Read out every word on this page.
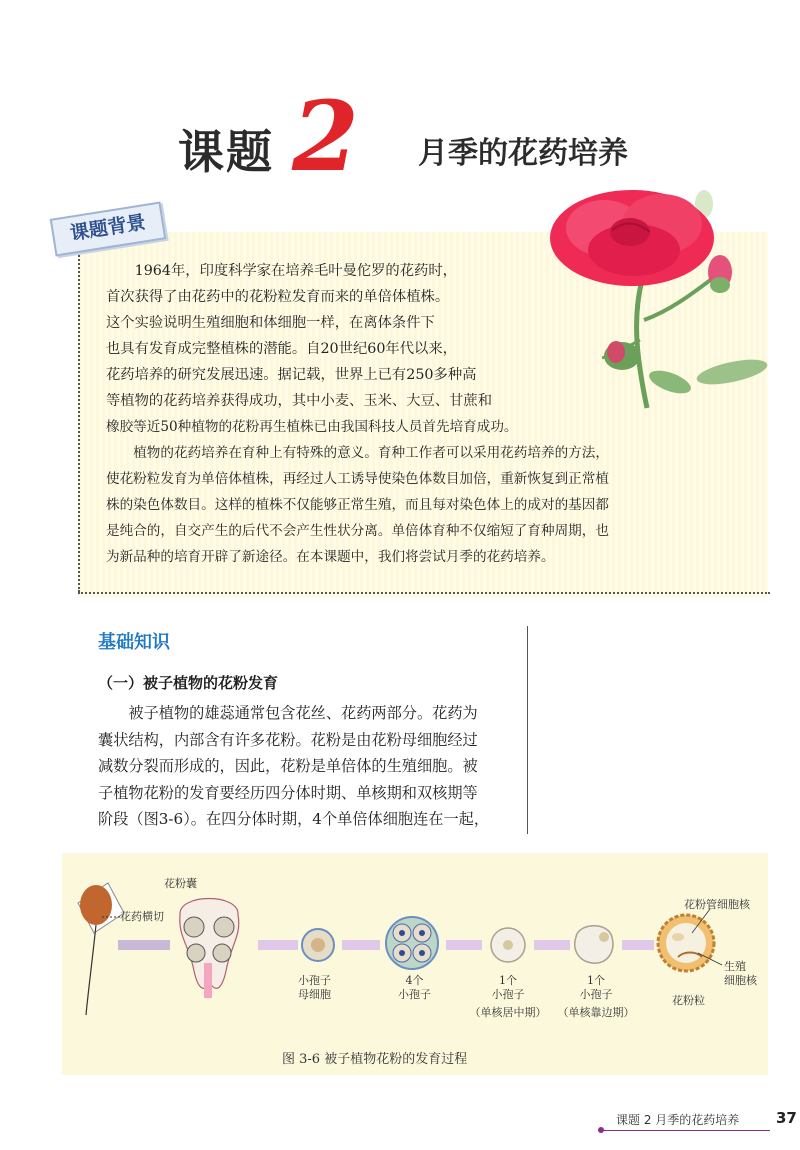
课题 2 月季的花药培养
课题背景

1964年，印度科学家在培养毛叶曼佗罗的花药时，

首次获得了由花药中的花粉粒发育而来的单倍体植株。

这个实验说明生殖细胞和体细胞一样，在离体条件下

也具有发育成完整植株的潜能。自20世纪60年代以来，

花药培养的研究发展迅速。据记载，世界上已有250多种高

等植物的花药培养获得成功，其中小麦、玉米、大豆、甘蔗和

橡胶等近50种植物的花粉再生植株已由我国科技人员首先培育成功。

植物的花药培养在育种上有特殊的意义。育种工作者可以采用花药培养的方法，

使花粉粒发育为单倍体植株，再经过人工诱导使染色体数目加倍，重新恢复到正常植

株的染色体数目。这样的植株不仅能够正常生殖，而且每对染色体上的成对的基因都

是纯合的，自交产生的后代不会产生性状分离。单倍体育种不仅缩短了育种周期，也

为新品种的培育开辟了新途径。在本课题中，我们将尝试月季的花药培养。

基础知识
（一）被子植物的花粉发育

被子植物的雄蕊通常包含花丝、花药两部分。花药为

囊状结构，内部含有许多花粉。花粉是由花粉母细胞经过

减数分裂而形成的，因此，花粉是单倍体的生殖细胞。被

子植物花粉的发育要经历四分体时期、单核期和双核期等

阶段（图3-6）。在四分体时期，4个单倍体细胞连在一起，

花粉囊
花药横切
小孢子
母细胞
4个
小孢子
1个
小孢子
（单核居中期）
1个
小孢子
（单核靠边期）
花粉管细胞核
生殖
细胞核
花粉粒
图 3-6 被子植物花粉的发育过程
课题 2 月季的花药培养 37
